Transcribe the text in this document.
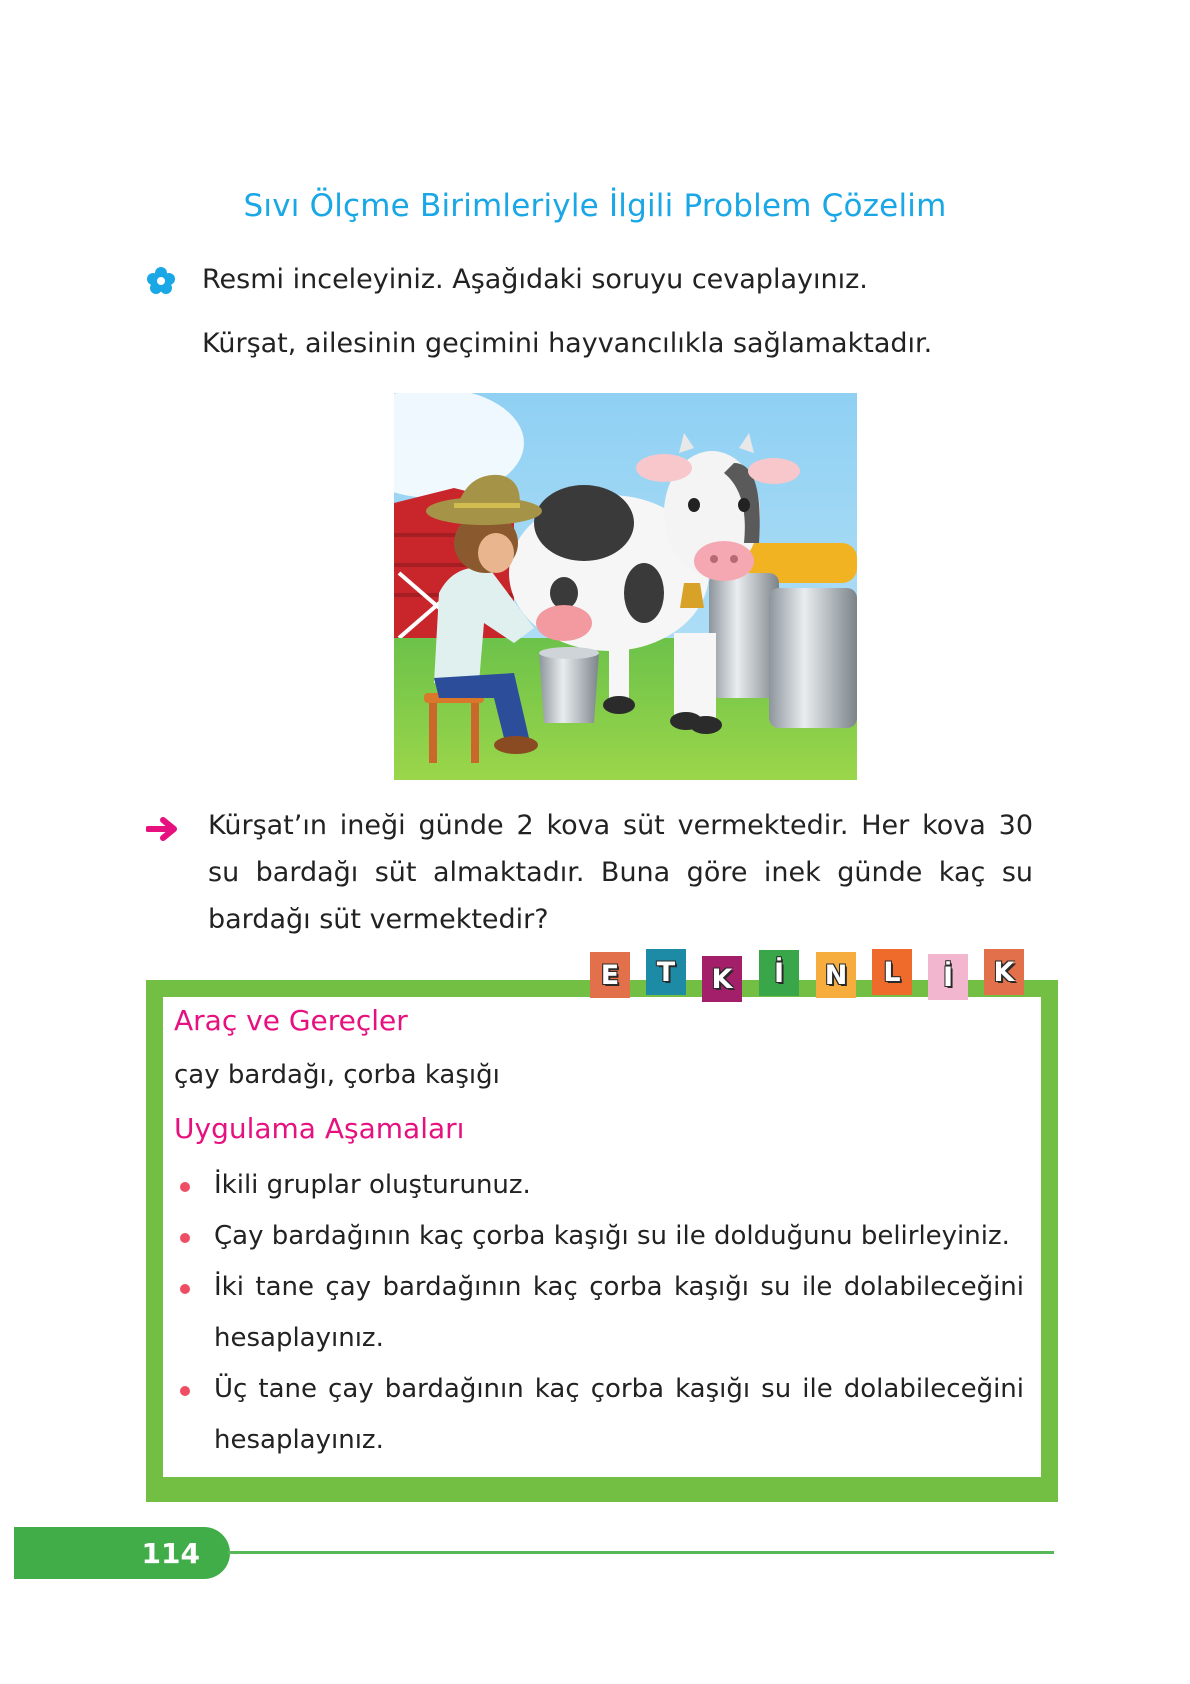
Sıvı Ölçme Birimleriyle İlgili Problem Çözelim
Resmi inceleyiniz. Aşağıdaki soruyu cevaplayınız.
Kürşat, ailesinin geçimini hayvancılıkla sağlamaktadır.
Kürşat’ın ineği günde 2 kova süt vermektedir. Her kova 30 su bardağı süt almaktadır. Buna göre inek günde kaç su bardağı süt vermektedir?
E	T	K	İ	N	L	İ	K
Araç ve Gereçler
çay bardağı, çorba kaşığı
Uygulama Aşamaları
İkili gruplar oluşturunuz.
Çay bardağının kaç çorba kaşığı su ile dolduğunu belirleyiniz.
İki tane çay bardağının kaç çorba kaşığı su ile dolabileceğini hesaplayınız.
Üç tane çay bardağının kaç çorba kaşığı su ile dolabileceğini hesaplayınız.
114
